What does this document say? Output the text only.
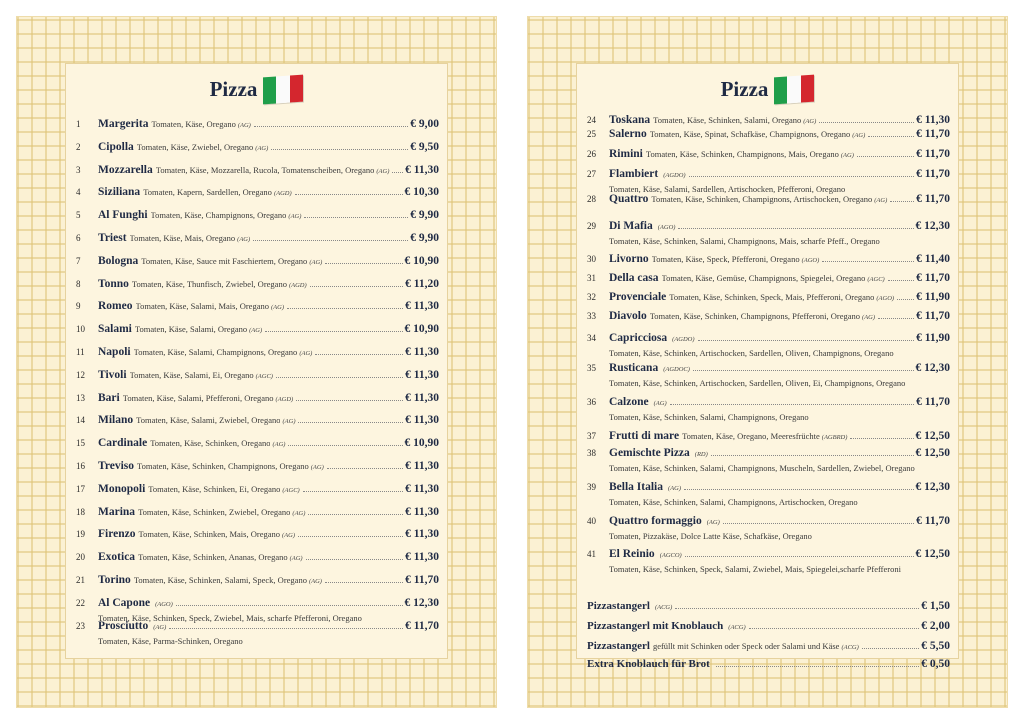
Pizza
1	Margerita Tomaten, Käse, Oregano (AG)	€ 9,00
2	Cipolla Tomaten, Käse, Zwiebel, Oregano (AG)	€ 9,50
3	Mozzarella Tomaten, Käse, Mozzarella, Rucola, Tomatenscheiben, Oregano (AG) € 11,30
4	Siziliana Tomaten, Kapern, Sardellen, Oregano (AGD)	€ 10,30
5	Al Funghi Tomaten, Käse, Champignons, Oregano (AG)	€ 9,90
6	Triest Tomaten, Käse, Mais, Oregano (AG)	€ 9,90
7	Bologna Tomaten, Käse, Sauce mit Faschiertem, Oregano (AG)	€ 10,90
8	Tonno Tomaten, Käse, Thunfisch, Zwiebel, Oregano (AGD)	€ 11,20
9	Romeo Tomaten, Käse, Salami, Mais, Oregano (AG)	€ 11,30
10	Salami Tomaten, Käse, Salami, Oregano (AG)	€ 10,90
11	Napoli Tomaten, Käse, Salami, Champignons, Oregano (AG)	€ 11,30
12	Tivoli Tomaten, Käse, Salami, Ei, Oregano (AGC)	€ 11,30
13	Bari Tomaten, Käse, Salami, Pfefferoni, Oregano (AGD)	€ 11,30
14	Milano Tomaten, Käse, Salami, Zwiebel, Oregano (AG)	€ 11,30
15	Cardinale Tomaten, Käse, Schinken, Oregano (AG)	€ 10,90
16	Treviso Tomaten, Käse, Schinken, Champignons, Oregano (AG)	€ 11,30
17	Monopoli Tomaten, Käse, Schinken, Ei, Oregano (AGC)	€ 11,30
18	Marina Tomaten, Käse, Schinken, Zwiebel, Oregano (AG)	€ 11,30
19	Firenzo Tomaten, Käse, Schinken, Mais, Oregano (AG)	€ 11,30
20	Exotica Tomaten, Käse, Schinken, Ananas, Oregano (AG)	€ 11,30
21	Torino Tomaten, Käse, Schinken, Salami, Speck, Oregano (AG)	€ 11,70
22	Al Capone (AGO)	€ 12,30
Tomaten, Käse, Schinken, Speck, Zwiebel, Mais, scharfe Pfefferoni, Oregano
23	Prosciutto (AG)	€ 11,70
Tomaten, Käse, Parma-Schinken, Oregano
Pizza
24	Toskana Tomaten, Käse, Schinken, Salami, Oregano (AG)	€ 11,30
25	Salerno Tomaten, Käse, Spinat, Schafkäse, Champignons, Oregano (AG)	€ 11,70
26	Rimini Tomaten, Käse, Schinken, Champignons, Mais, Oregano (AG)	€ 11,70
27	Flambiert (AGDO)	€ 11,70
Tomaten, Käse, Salami, Sardellen, Artischocken, Pfefferoni, Oregano
28	Quattro Tomaten, Käse, Schinken, Champignons, Artischocken, Oregano (AG)	€ 11,70
29	Di Mafia (AGO)	€ 12,30
Tomaten, Käse, Schinken, Salami, Champignons, Mais, scharfe Pfeff., Oregano
30	Livorno Tomaten, Käse, Speck, Pfefferoni, Oregano (AGO)	€ 11,40
31	Della casa Tomaten, Käse, Gemüse, Champignons, Spiegelei, Oregano (AGC)	€ 11,70
32	Provenciale Tomaten, Käse, Schinken, Speck, Mais, Pfefferoni, Oregano (AGO) € 11,90
33	Diavolo Tomaten, Käse, Schinken, Champignons, Pfefferoni, Oregano (AG)	€ 11,70
34	Capricciosa (AGDO)	€ 11,90
Tomaten, Käse, Schinken, Artischocken, Sardellen, Oliven, Champignons, Oregano
35	Rusticana (AGDOC)	€ 12,30
Tomaten, Käse, Schinken, Artischocken, Sardellen, Oliven, Ei, Champignons, Oregano
36	Calzone (AG)	€ 11,70
Tomaten, Käse, Schinken, Salami, Champignons, Oregano
37	Frutti di mare Tomaten, Käse, Oregano, Meeresfrüchte (AGBRD)	€ 12,50
38	Gemischte Pizza (RD)	€ 12,50
Tomaten, Käse, Schinken, Salami, Champignons, Muscheln, Sardellen, Zwiebel, Oregano
39	Bella Italia (AG)	€ 12,30
Tomaten, Käse, Schinken, Salami, Champignons, Artischocken, Oregano
40	Quattro formaggio (AG)	€ 11,70
Tomaten, Pizzakäse, Dolce Latte Käse, Schafkäse, Oregano
41	El Reinio (AGCO)	€ 12,50
Tomaten, Käse, Schinken, Speck, Salami, Zwiebel, Mais, Spiegelei,scharfe Pfefferoni
Pizzastangerl (ACG)	€ 1,50
Pizzastangerl mit Knoblauch (ACG)	€ 2,00
Pizzastangerl gefüllt mit Schinken oder Speck oder Salami und Käse (ACG)	€ 5,50
Extra Knoblauch für Brot	€ 0,50
